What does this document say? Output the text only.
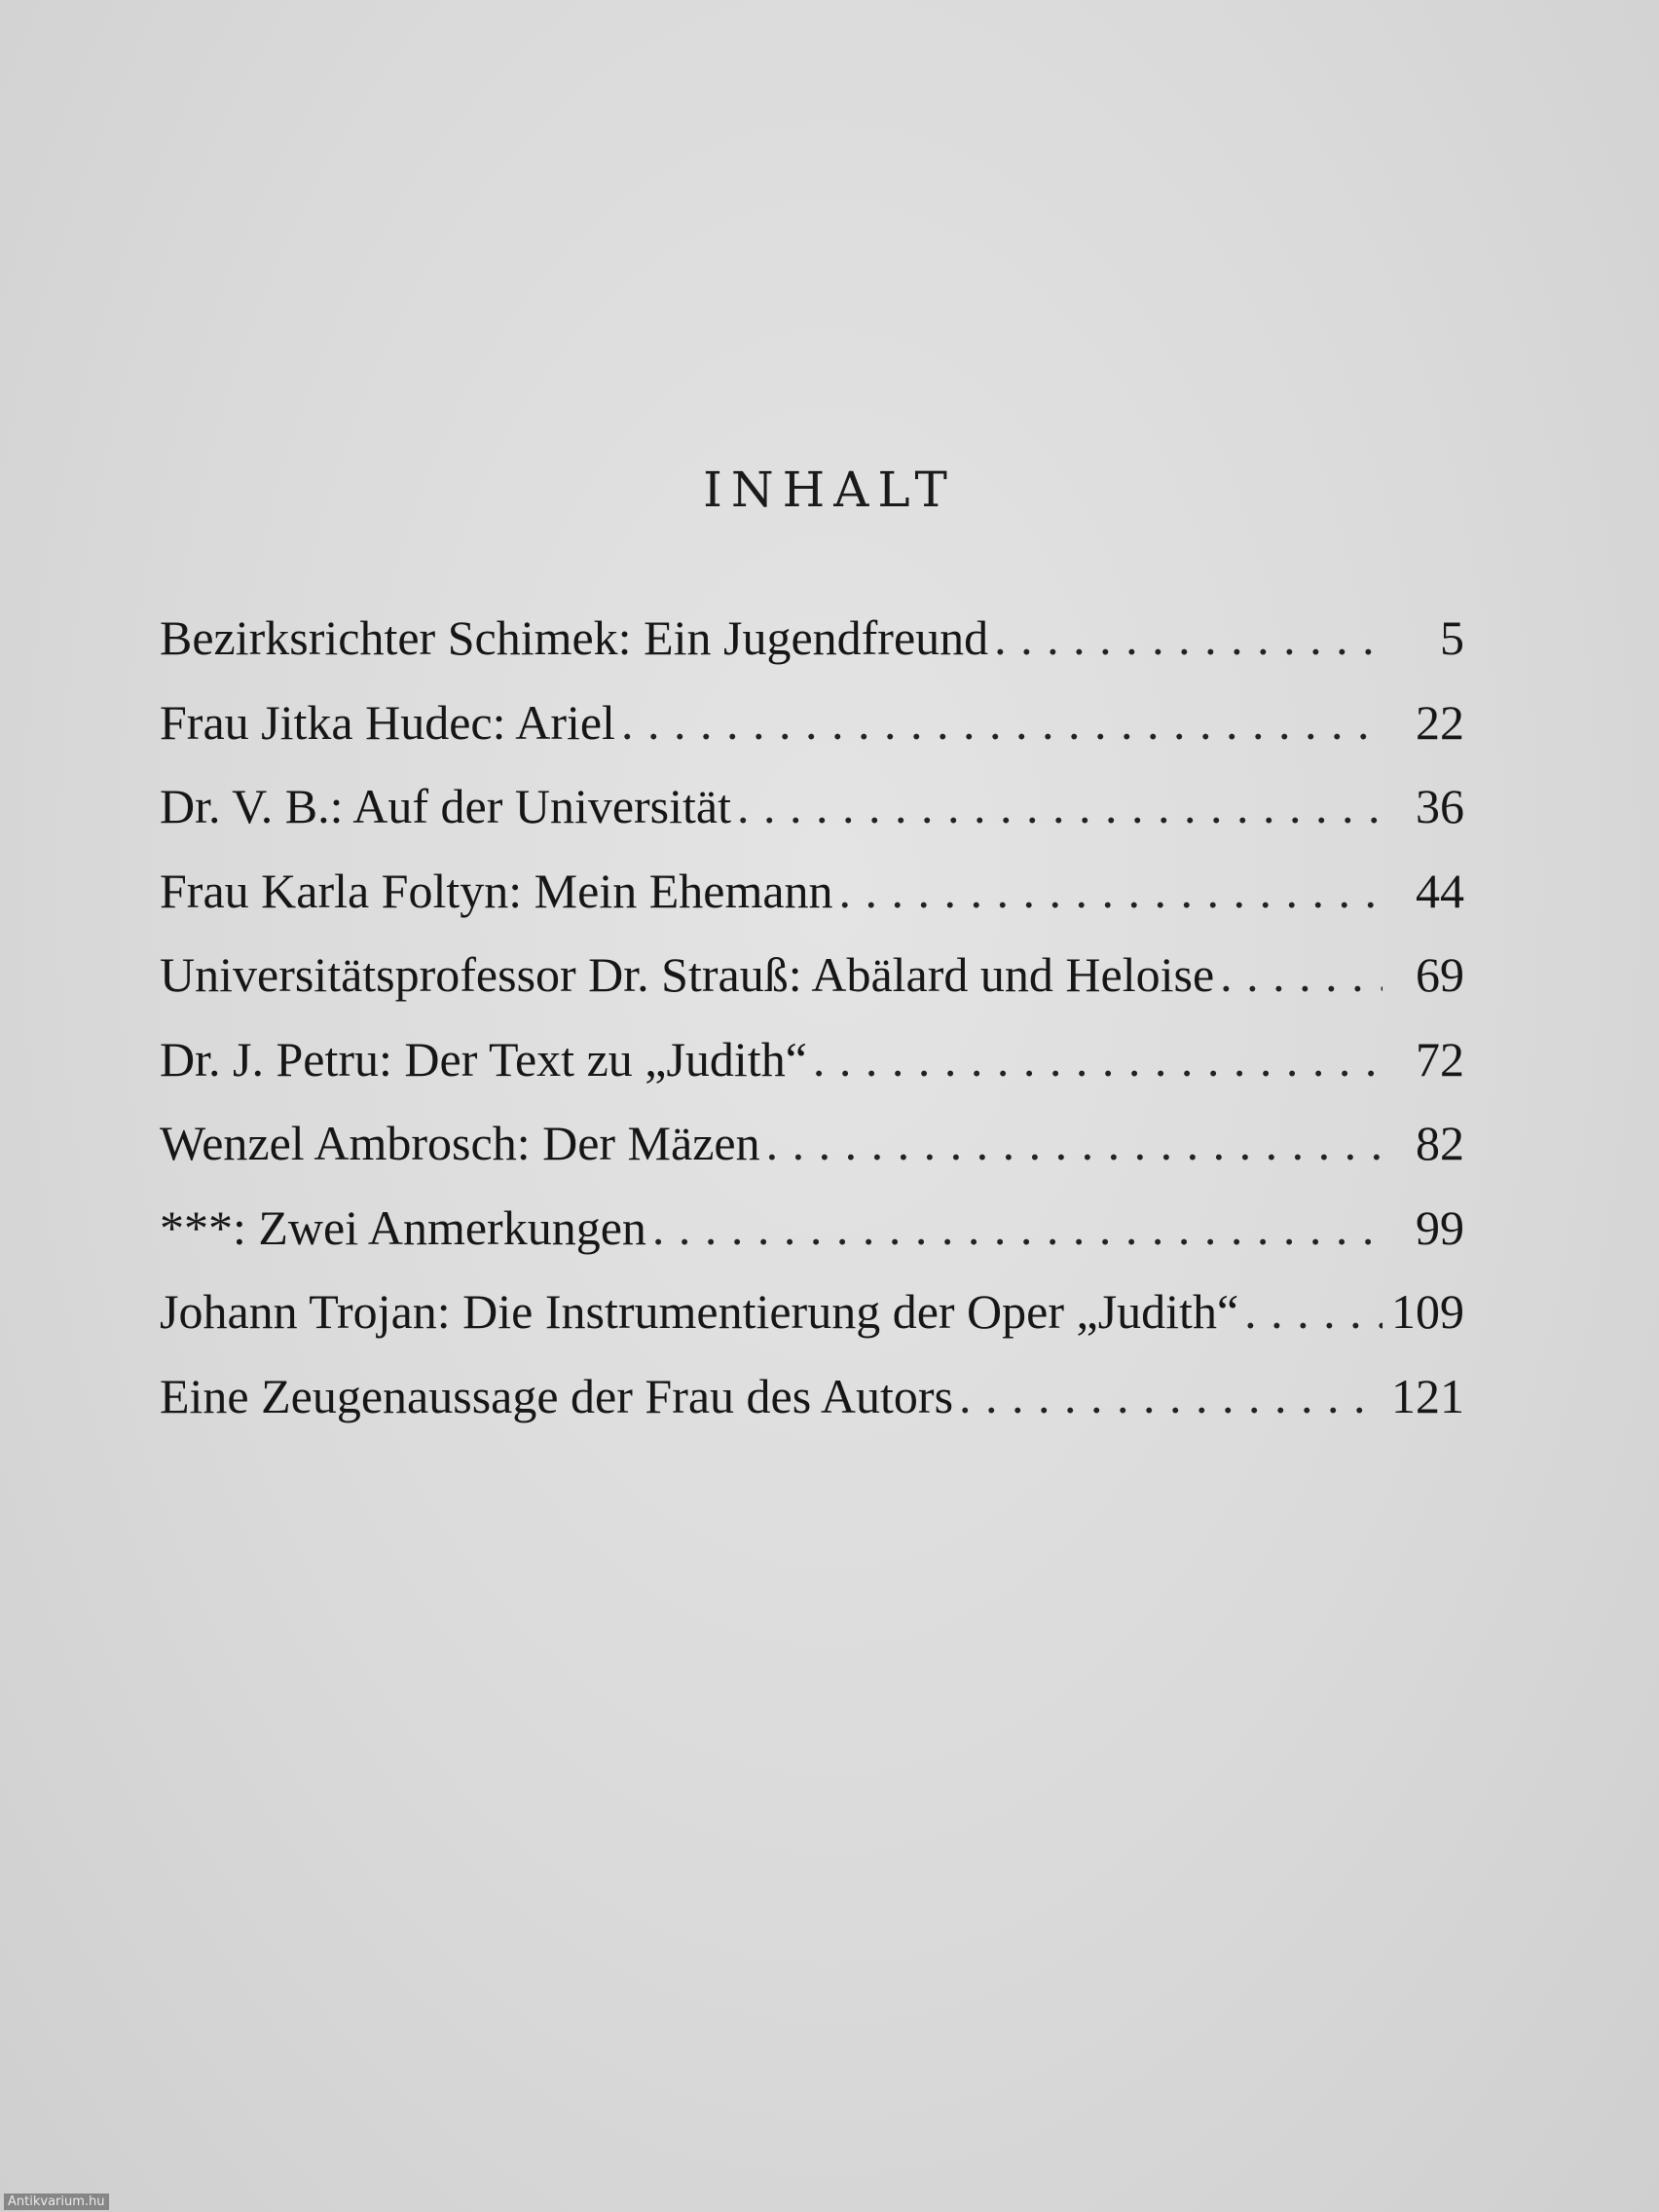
INHALT
Bezirksrichter Schimek: Ein Jugendfreund . . .	5
Frau Jitka Hudec: Ariel . . .	22
Dr. V. B.: Auf der Universität . . .	36
Frau Karla Foltyn: Mein Ehemann . . .	44
Universitätsprofessor Dr. Strauß: Abälard und Heloise . . .	69
Dr. J. Petru: Der Text zu „Judith“ . . .	72
Wenzel Ambrosch: Der Mäzen . . .	82
***: Zwei Anmerkungen . . .	99
Johann Trojan: Die Instrumentierung der Oper „Judith“ . . .	109
Eine Zeugenaussage der Frau des Autors . . .	121
Antikvarium.hu
